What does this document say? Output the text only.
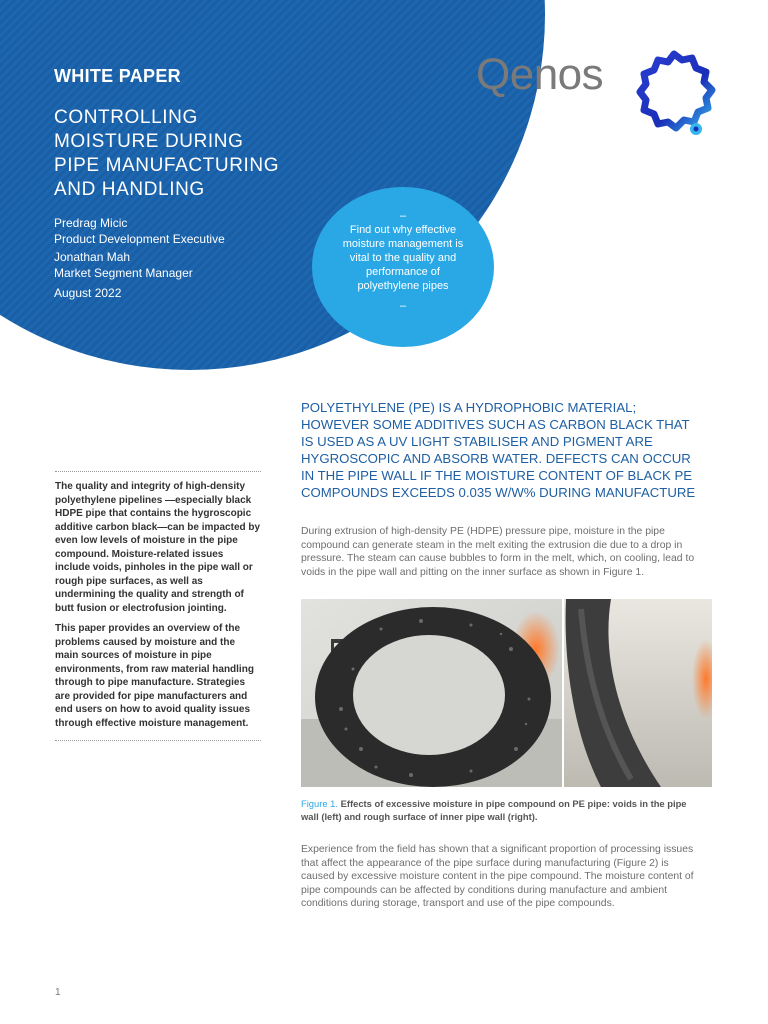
WHITE PAPER
CONTROLLING
MOISTURE DURING
PIPE MANUFACTURING
AND HANDLING
Predrag Micic
Product Development Executive
Jonathan Mah
Market Segment Manager
August 2022
–
Find out why effective moisture management is vital to the quality and performance of polyethylene pipes
–
Qenos

The quality and integrity of high-density polyethylene pipelines —especially black HDPE pipe that contains the hygroscopic additive carbon black—can be impacted by even low levels of moisture in the pipe compound. Moisture-related issues include voids, pinholes in the pipe wall or rough pipe surfaces, as well as undermining the quality and strength of butt fusion or electrofusion jointing.

This paper provides an overview of the problems caused by moisture and the main sources of moisture in pipe environments, from raw material handling through to pipe manufacture. Strategies are provided for pipe manufacturers and end users on how to avoid quality issues through effective moisture management.

POLYETHYLENE (PE) IS A HYDROPHOBIC MATERIAL; HOWEVER SOME ADDITIVES SUCH AS CARBON BLACK THAT IS USED AS A UV LIGHT STABILISER AND PIGMENT ARE HYGROSCOPIC AND ABSORB WATER. DEFECTS CAN OCCUR IN THE PIPE WALL IF THE MOISTURE CONTENT OF BLACK PE COMPOUNDS EXCEEDS 0.035 W/W% DURING MANUFACTURE
During extrusion of high-density PE (HDPE) pressure pipe, moisture in the pipe compound can generate steam in the melt exiting the extrusion die due to a drop in pressure. The steam can cause bubbles to form in the melt, which, on cooling, lead to voids in the pipe wall and pitting on the inner surface as shown in Figure 1.
Figure 1. Effects of excessive moisture in pipe compound on PE pipe: voids in the pipe wall (left) and rough surface of inner pipe wall (right).
Experience from the field has shown that a significant proportion of processing issues that affect the appearance of the pipe surface during manufacturing (Figure 2) is caused by excessive moisture content in the pipe compound. The moisture content of pipe compounds can be affected by conditions during manufacture and ambient conditions during storage, transport and use of the pipe compounds.
1
